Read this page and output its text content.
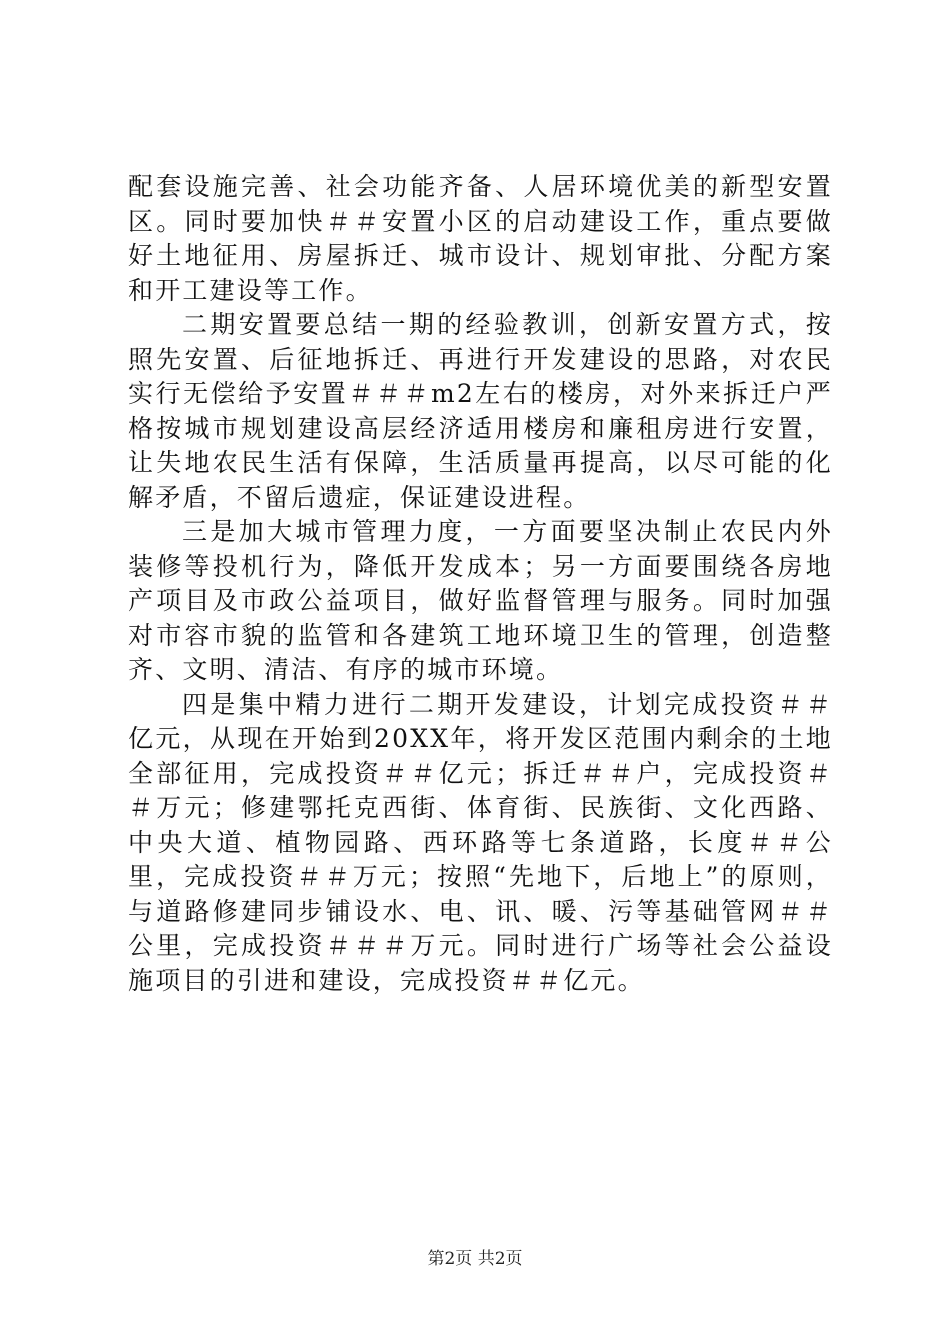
配套设施完善、社会功能齐备、人居环境优美的新型安置区。同时要加快＃＃安置小区的启动建设工作，重点要做好土地征用、房屋拆迁、城市设计、规划审批、分配方案和开工建设等工作。

二期安置要总结一期的经验教训，创新安置方式，按照先安置、后征地拆迁、再进行开发建设的思路，对农民实行无偿给予安置＃＃＃m2左右的楼房，对外来拆迁户严格按城市规划建设高层经济适用楼房和廉租房进行安置，让失地农民生活有保障，生活质量再提高，以尽可能的化解矛盾，不留后遗症，保证建设进程。

三是加大城市管理力度，一方面要坚决制止农民内外装修等投机行为，降低开发成本；另一方面要围绕各房地产项目及市政公益项目，做好监督管理与服务。同时加强对市容市貌的监管和各建筑工地环境卫生的管理，创造整齐、文明、清洁、有序的城市环境。

四是集中精力进行二期开发建设，计划完成投资＃＃亿元，从现在开始到20XX年，将开发区范围内剩余的土地全部征用，完成投资＃＃亿元；拆迁＃＃户，完成投资＃＃万元；修建鄂托克西街、体育街、民族街、文化西路、中央大道、植物园路、西环路等七条道路，长度＃＃公里，完成投资＃＃万元；按照“先地下，后地上”的原则，与道路修建同步铺设水、电、讯、暖、污等基础管网＃＃公里，完成投资＃＃＃万元。同时进行广场等社会公益设施项目的引进和建设，完成投资＃＃亿元。

第2页 共2页
